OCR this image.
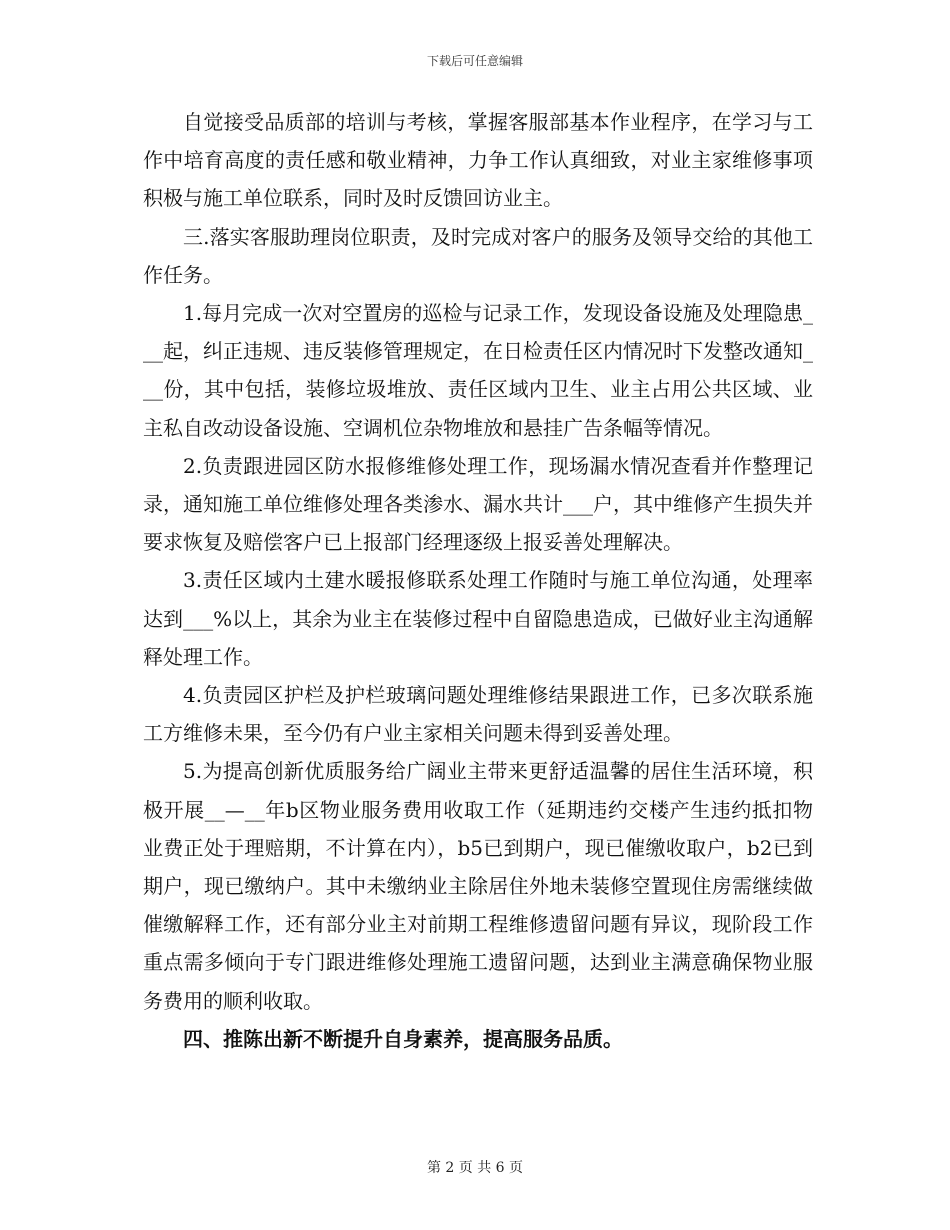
下载后可任意编辑

自觉接受品质部的培训与考核，掌握客服部基本作业程序，在学习与工作中培育高度的责任感和敬业精神，力争工作认真细致，对业主家维修事项积极与施工单位联系，同时及时反馈回访业主。

三.落实客服助理岗位职责，及时完成对客户的服务及领导交给的其他工作任务。

1.每月完成一次对空置房的巡检与记录工作，发现设备设施及处理隐患___起，纠正违规、违反装修管理规定，在日检责任区内情况时下发整改通知___份，其中包括，装修垃圾堆放、责任区域内卫生、业主占用公共区域、业主私自改动设备设施、空调机位杂物堆放和悬挂广告条幅等情况。

2.负责跟进园区防水报修维修处理工作，现场漏水情况查看并作整理记录，通知施工单位维修处理各类渗水、漏水共计___户，其中维修产生损失并要求恢复及赔偿客户已上报部门经理逐级上报妥善处理解决。

3.责任区域内土建水暖报修联系处理工作随时与施工单位沟通，处理率达到___%以上，其余为业主在装修过程中自留隐患造成，已做好业主沟通解释处理工作。

4.负责园区护栏及护栏玻璃问题处理维修结果跟进工作，已多次联系施工方维修未果，至今仍有户业主家相关问题未得到妥善处理。

5.为提高创新优质服务给广阔业主带来更舒适温馨的居住生活环境，积极开展__—__年b区物业服务费用收取工作（延期违约交楼产生违约抵扣物业费正处于理赔期，不计算在内），b5已到期户，现已催缴收取户，b2已到期户，现已缴纳户。其中未缴纳业主除居住外地未装修空置现住房需继续做催缴解释工作，还有部分业主对前期工程维修遗留问题有异议，现阶段工作重点需多倾向于专门跟进维修处理施工遗留问题，达到业主满意确保物业服务费用的顺利收取。

四、推陈出新不断提升自身素养，提高服务品质。

第 2 页 共 6 页
